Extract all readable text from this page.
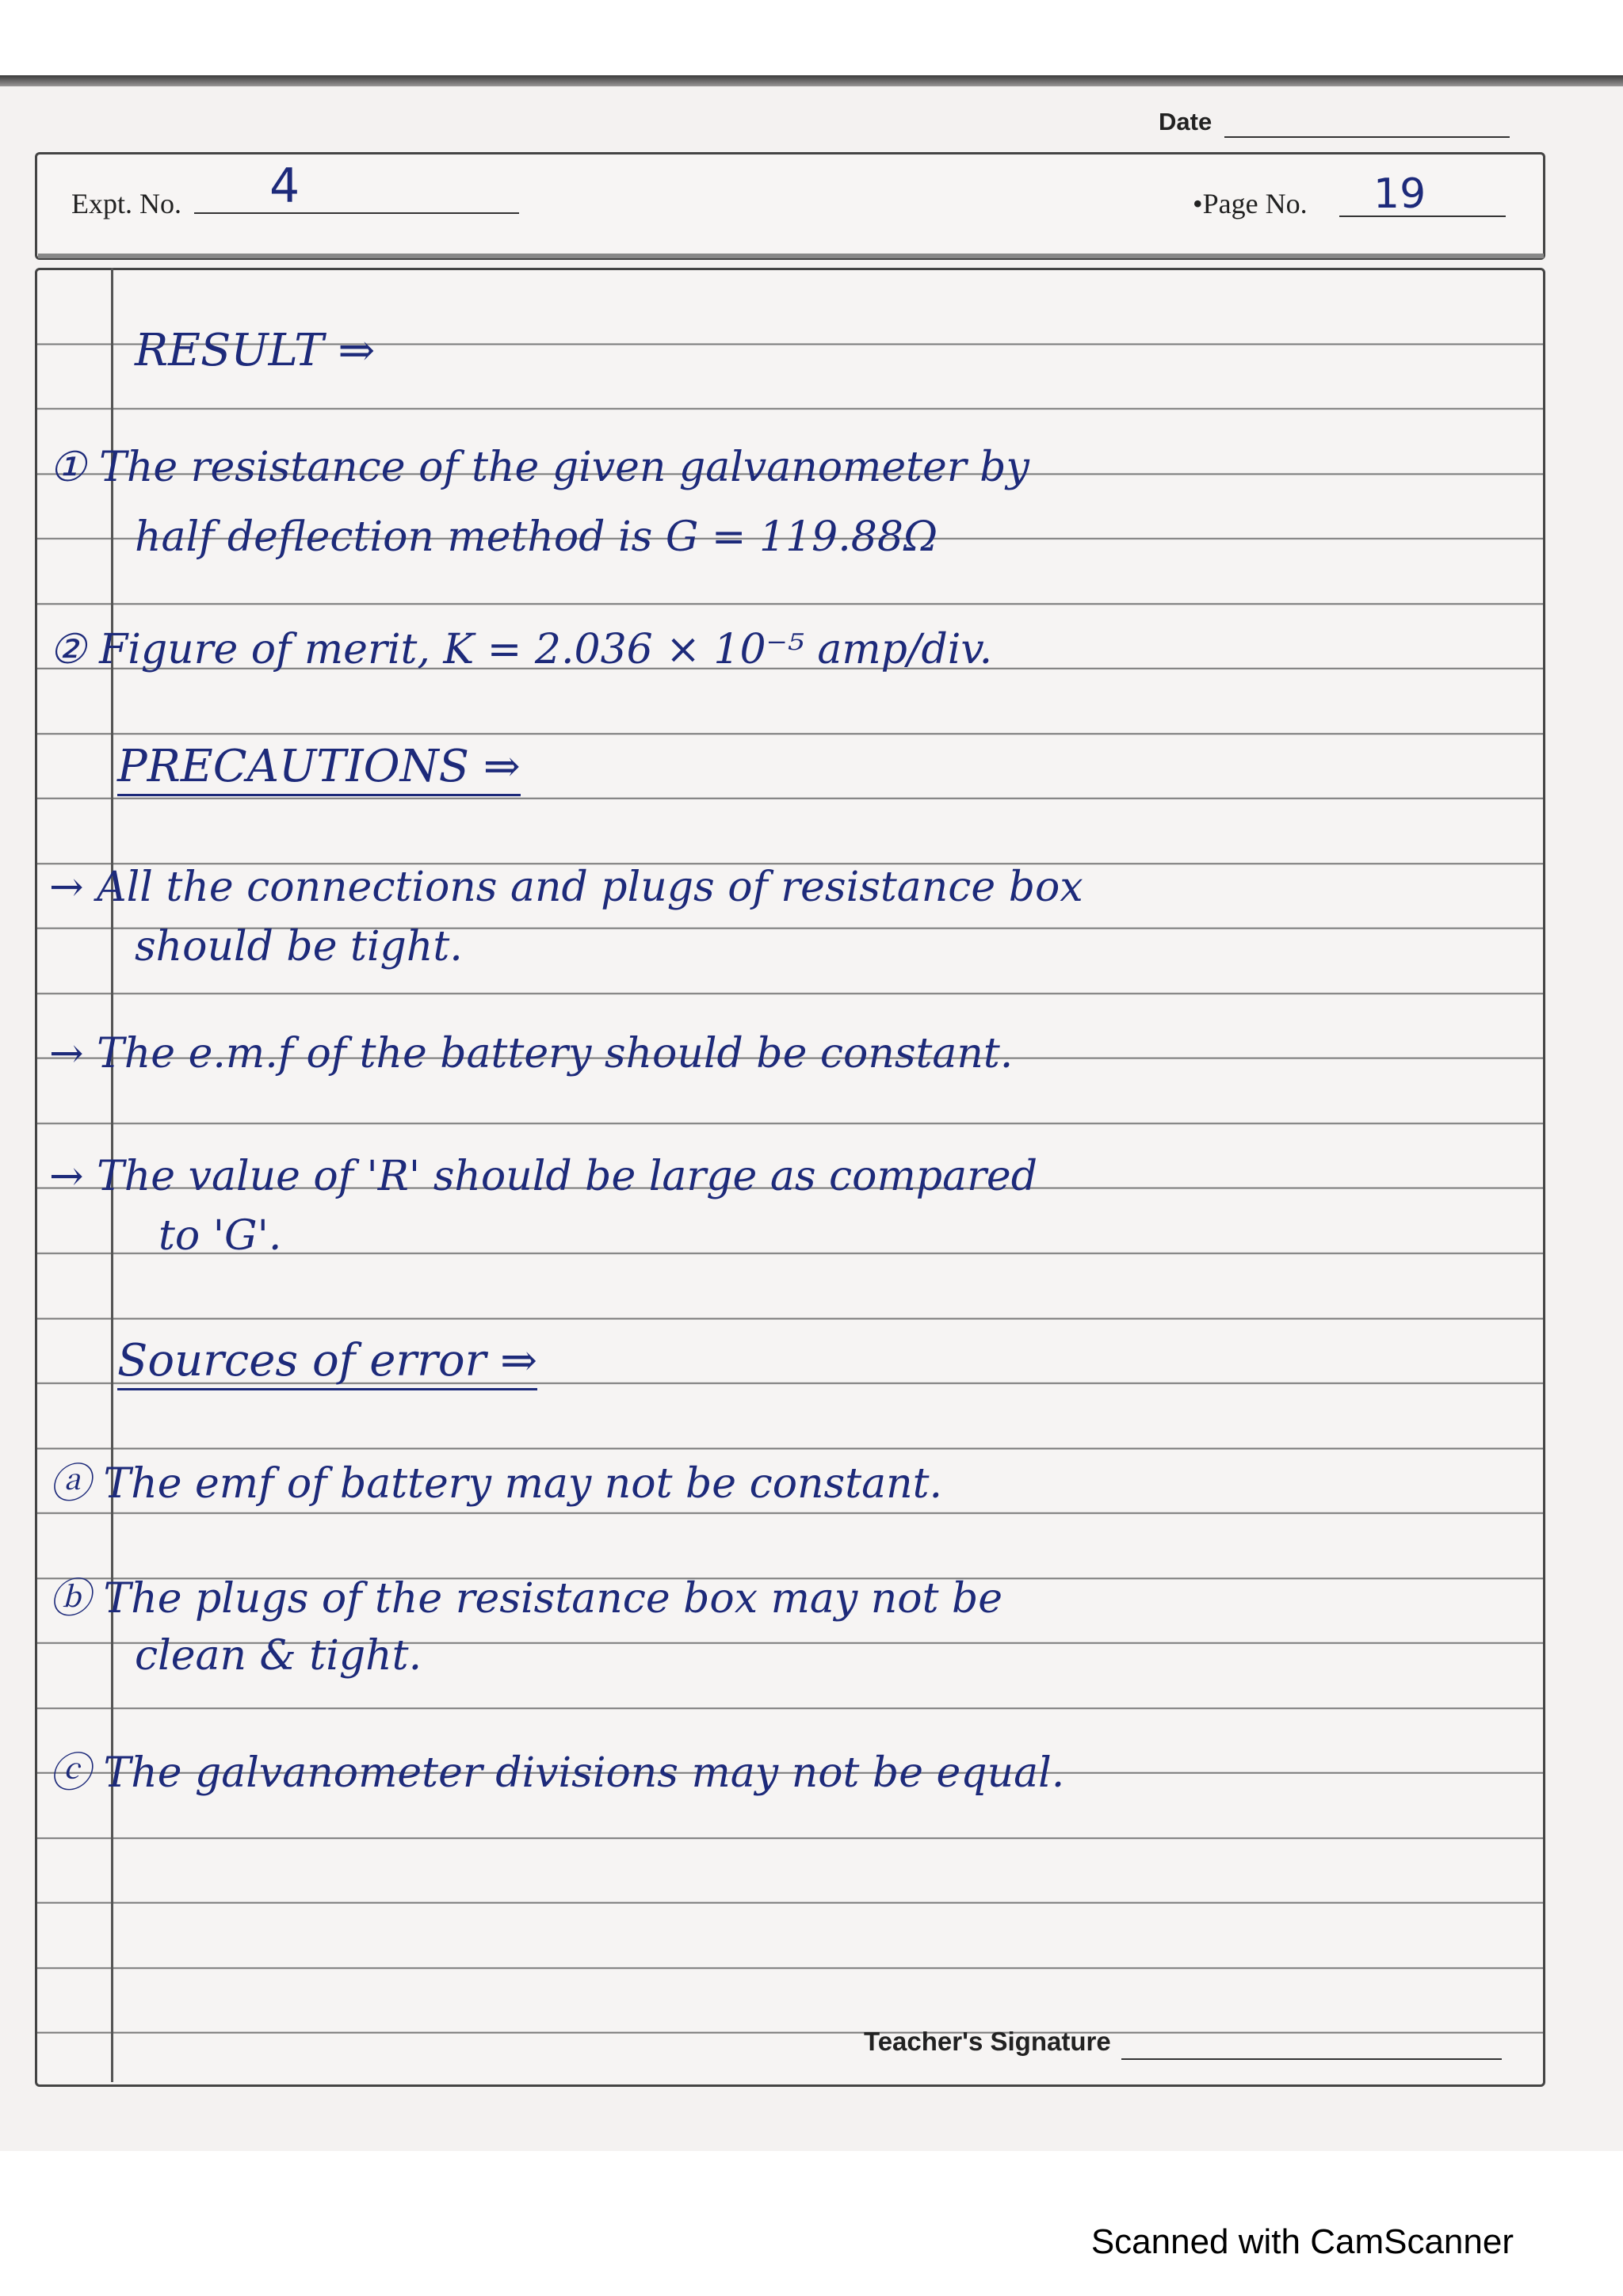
Date
Expt. No. 4	•Page No. 19
RESULT ⇒
① The resistance of the given galvanometer by
half deflection method is G = 119.88Ω
② Figure of merit, K = 2.036 × 10⁻⁵ amp/div.
PRECAUTIONS ⇒
→ All the connections and plugs of resistance box
should be tight.
→ The e.m.f of the battery should be constant.
→ The value of 'R' should be large as compared
to 'G'.
Sources of error ⇒
ⓐ The emf of battery may not be constant.
ⓑ The plugs of the resistance box may not be
clean & tight.
ⓒ The galvanometer divisions may not be equal.
Teacher's Signature
Scanned with CamScanner
